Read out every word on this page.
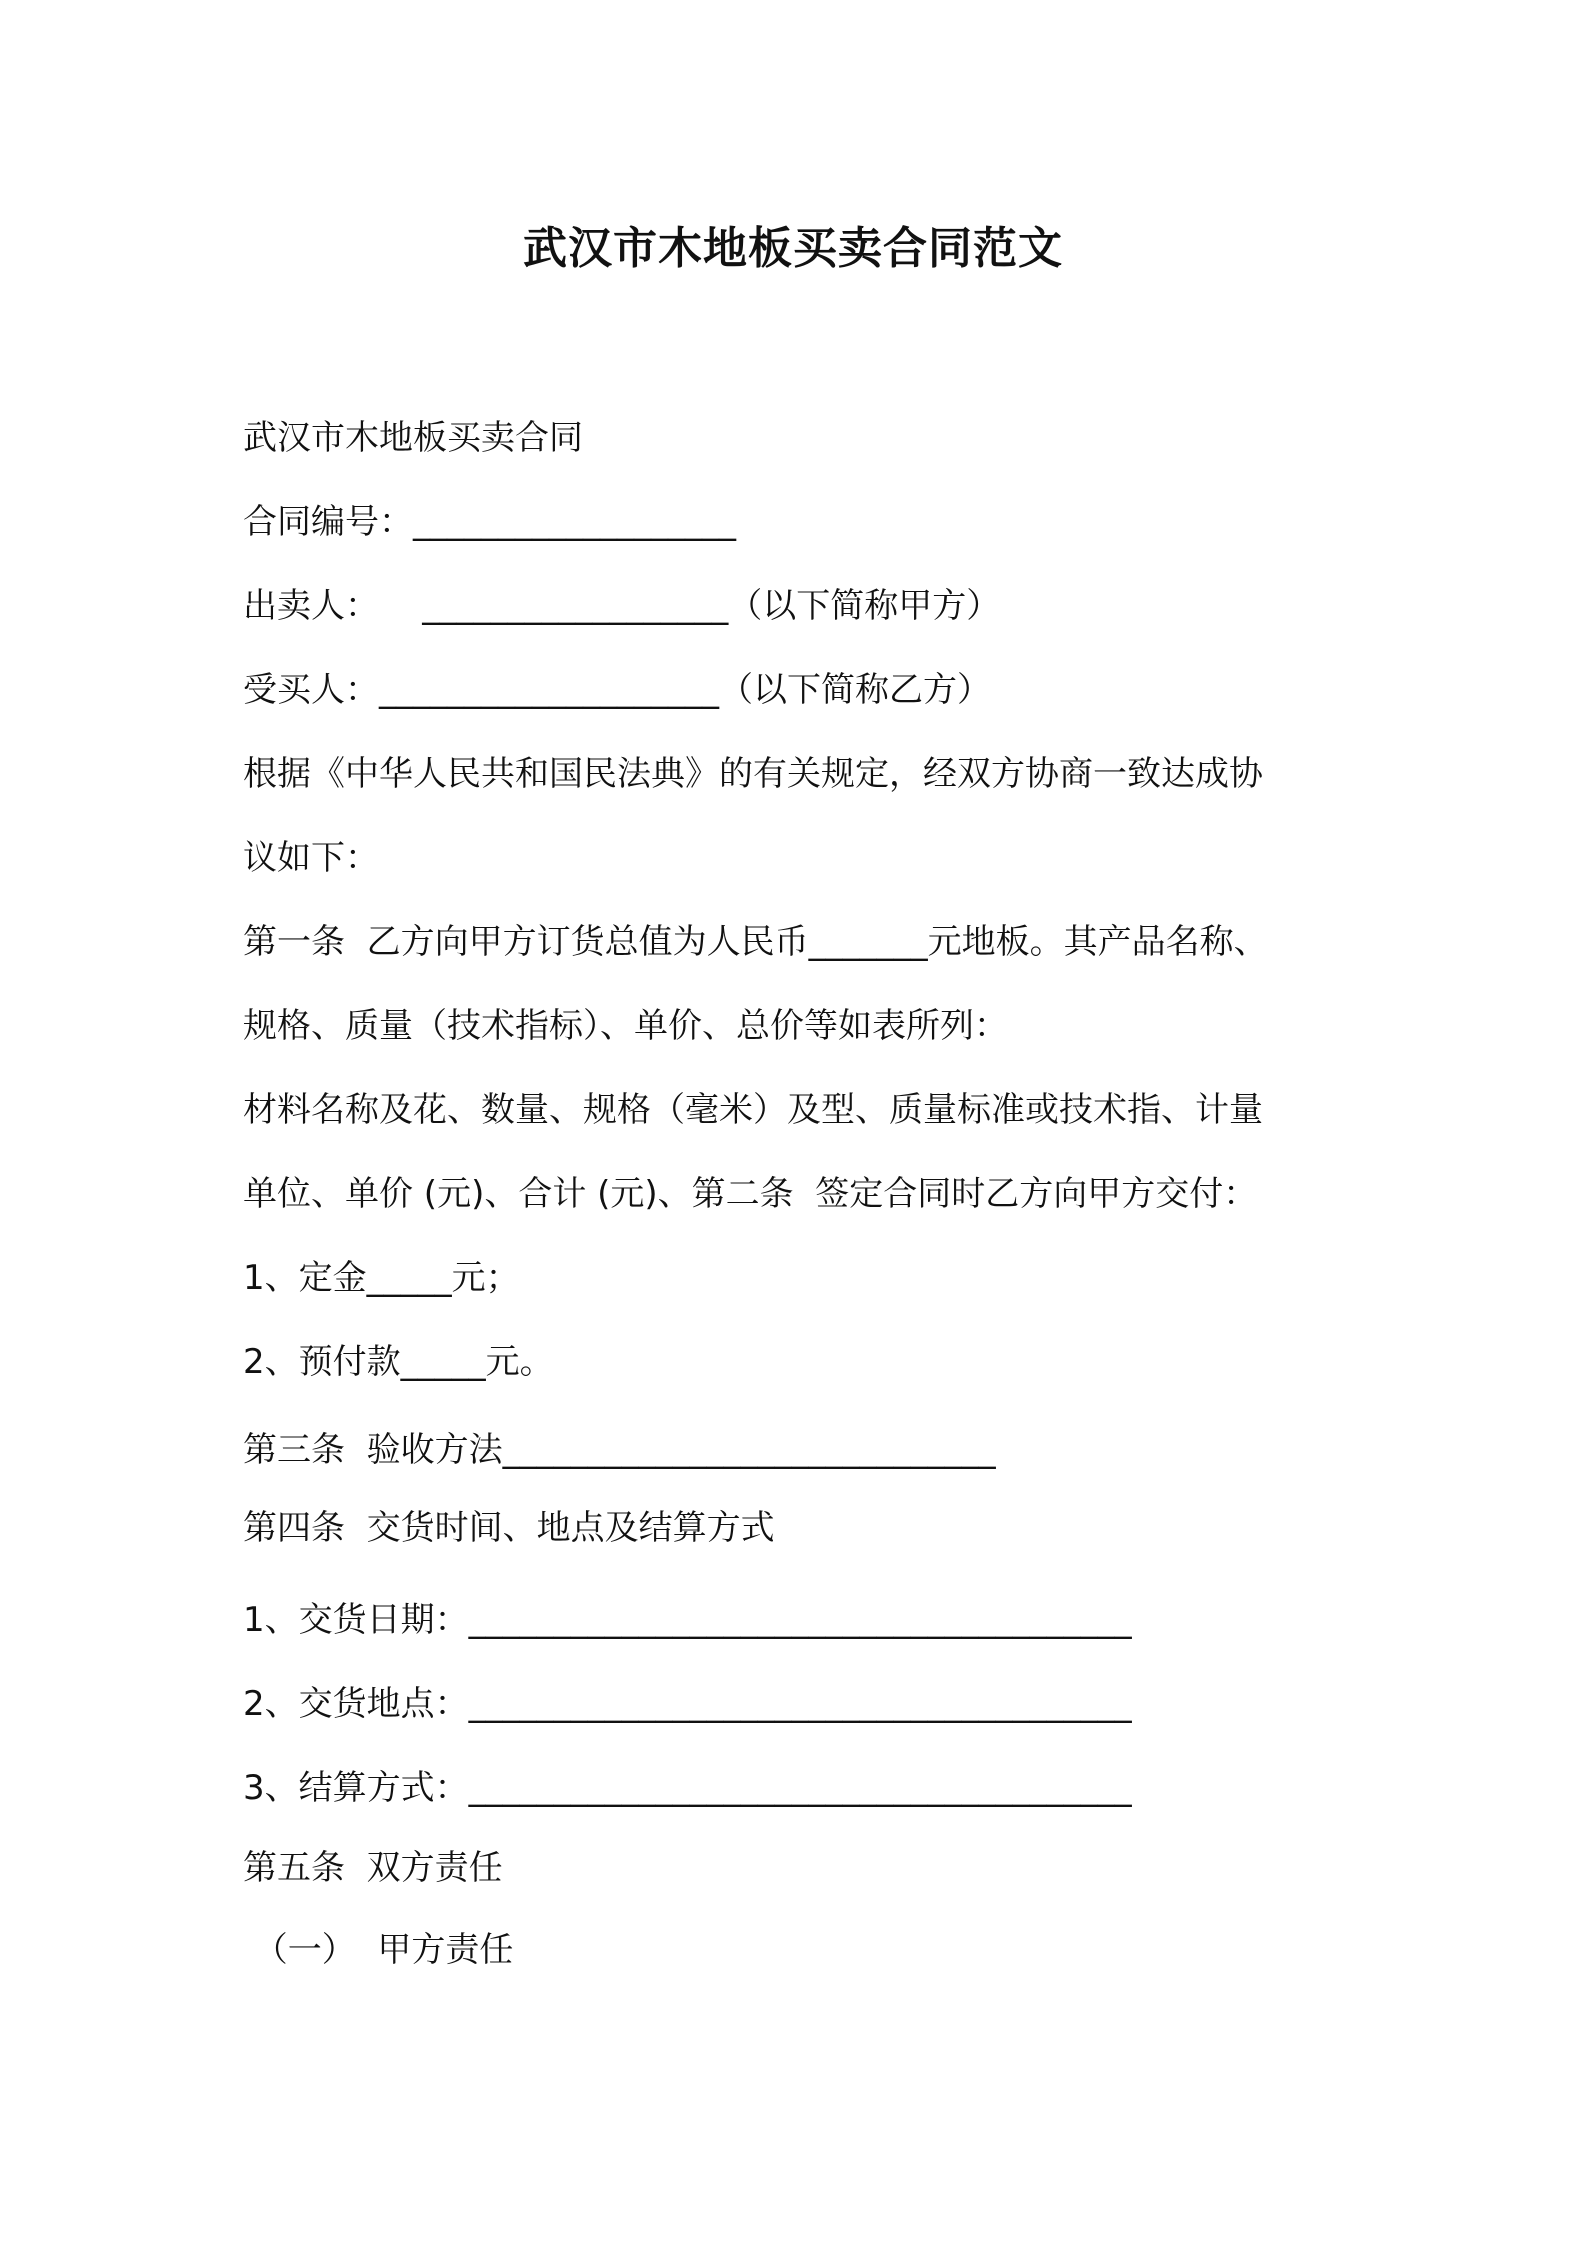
武汉市木地板买卖合同范文

武汉市木地板买卖合同

合同编号：___________________

出卖人：    __________________（以下简称甲方）

受买人：____________________（以下简称乙方）

根据《中华人民共和国民法典》的有关规定，经双方协商一致达成协

议如下：

第一条  乙方向甲方订货总值为人民币_______元地板。其产品名称、

规格、质量（技术指标）、单价、总价等如表所列：

材料名称及花、数量、规格（毫米）及型、质量标准或技术指、计量

单位、单价 (元)、合计 (元)、第二条  签定合同时乙方向甲方交付：

1、定金_____元；

2、预付款_____元。

第三条  验收方法_____________________________

第四条  交货时间、地点及结算方式

1、交货日期：_______________________________________

2、交货地点：_______________________________________

3、结算方式：_______________________________________

第五条  双方责任

（一）  甲方责任
